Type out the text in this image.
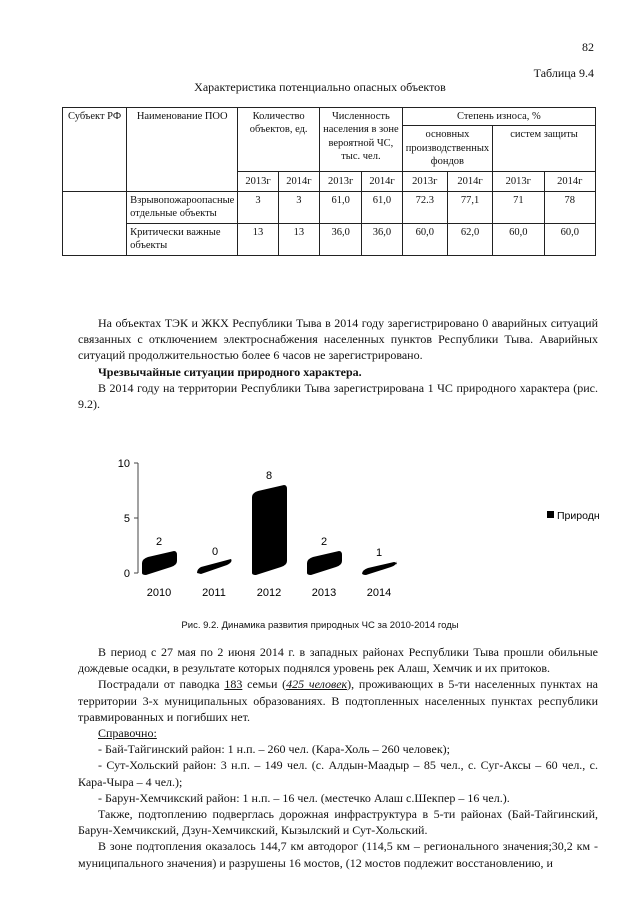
82
Таблица 9.4
Характеристика потенциально опасных объектов
Субъект РФ	Наименование ПОО	Количество объектов, ед.		Численность населения в зоне вероятной ЧС, тыс. чел.		Степень износа, %			
						основных производственных фондов		систем защиты	
		2013г	2014г	2013г	2014г	2013г	2014г	2013г	2014г
	Взрывопожароопасные отдельные объекты	3	3	61,0	61,0	72.3	77,1	71	78
	Критически важные объекты	13	13	36,0	36,0	60,0	62,0	60,0	60,0

На объектах ТЭК и ЖКХ Республики Тыва в 2014 году зарегистрировано 0 аварийных ситуаций связанных с отключением электроснабжения населенных пунктов Республики Тыва. Аварийных ситуаций продолжительностью более 6 часов не зарегистрировано.

Чрезвычайные ситуации природного характера.

В 2014 году на территории Республики Тыва зарегистрирована 1 ЧС природного характера (рис. 9.2).

0
5
10
2
2010
0
2011
8
2012
2
2013
1
2014
Природн
Рис. 9.2. Динамика развития природных ЧС за 2010-2014 годы

В период с 27 мая по 2 июня 2014 г. в западных районах Республики Тыва прошли обильные дождевые осадки, в результате которых поднялся уровень рек Алаш, Хемчик и их притоков.

Пострадали от паводка 183 семьи (425 человек), проживающих в 5-ти населенных пунктах на территории 3-х муниципальных образованиях. В подтопленных населенных пунктах республики травмированных и погибших нет.

Справочно:

- Бай-Тайгинский район: 1 н.п. – 260 чел. (Кара-Холь – 260 человек);

- Сут-Хольский район: 3 н.п. – 149 чел. (с. Алдын-Маадыр – 85 чел., с. Суг-Аксы – 60 чел., с. Кара-Чыра – 4 чел.);

- Барун-Хемчикский район: 1 н.п. – 16 чел. (местечко Алаш с.Шекпер – 16 чел.).

Также, подтоплению подверглась дорожная инфраструктура в 5-ти районах (Бай-Тайгинский, Барун-Хемчикский, Дзун-Хемчикский, Кызылский и Сут-Хольский.

В зоне подтопления оказалось 144,7 км автодорог (114,5 км – регионального значения;30,2 км - муниципального значения) и разрушены 16 мостов, (12 мостов подлежит восстановлению, и
